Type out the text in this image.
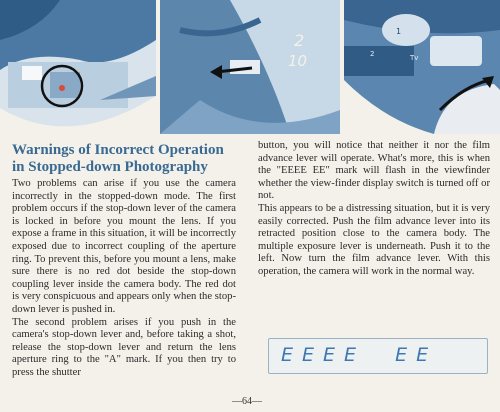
2
10
1
2	Tv
Warnings of Incorrect Operation in Stopped-down Photography

Two problems can arise if you use the camera incorrectly in the stopped-down mode. The first problem occurs if the stop-down lever of the camera is locked in before you mount the lens. If you expose a frame in this situation, it will be incorrectly exposed due to incorrect coupling of the aperture ring. To prevent this, before you mount a lens, make sure there is no red dot beside the stop-down coupling lever inside the camera body. The red dot is very conspicuous and appears only when the stop-down lever is pushed in.

The second problem arises if you push in the camera's stop-down lever and, before taking a shot, release the stop-down lever and return the lens aperture ring to the "A" mark. If you then try to press the shutter

button, you will notice that neither it nor the film advance lever will operate. What's more, this is when the "EEEE EE" mark will flash in the viewfinder whether the view-finder display switch is turned off or not.

This appears to be a distressing situation, but it is very easily corrected. Push the film advance lever into its retracted position close to the camera body. The multiple exposure lever is underneath. Push it to the left. Now turn the film advance lever. With this operation, the camera will work in the normal way.

EEEE  EE
—64—
